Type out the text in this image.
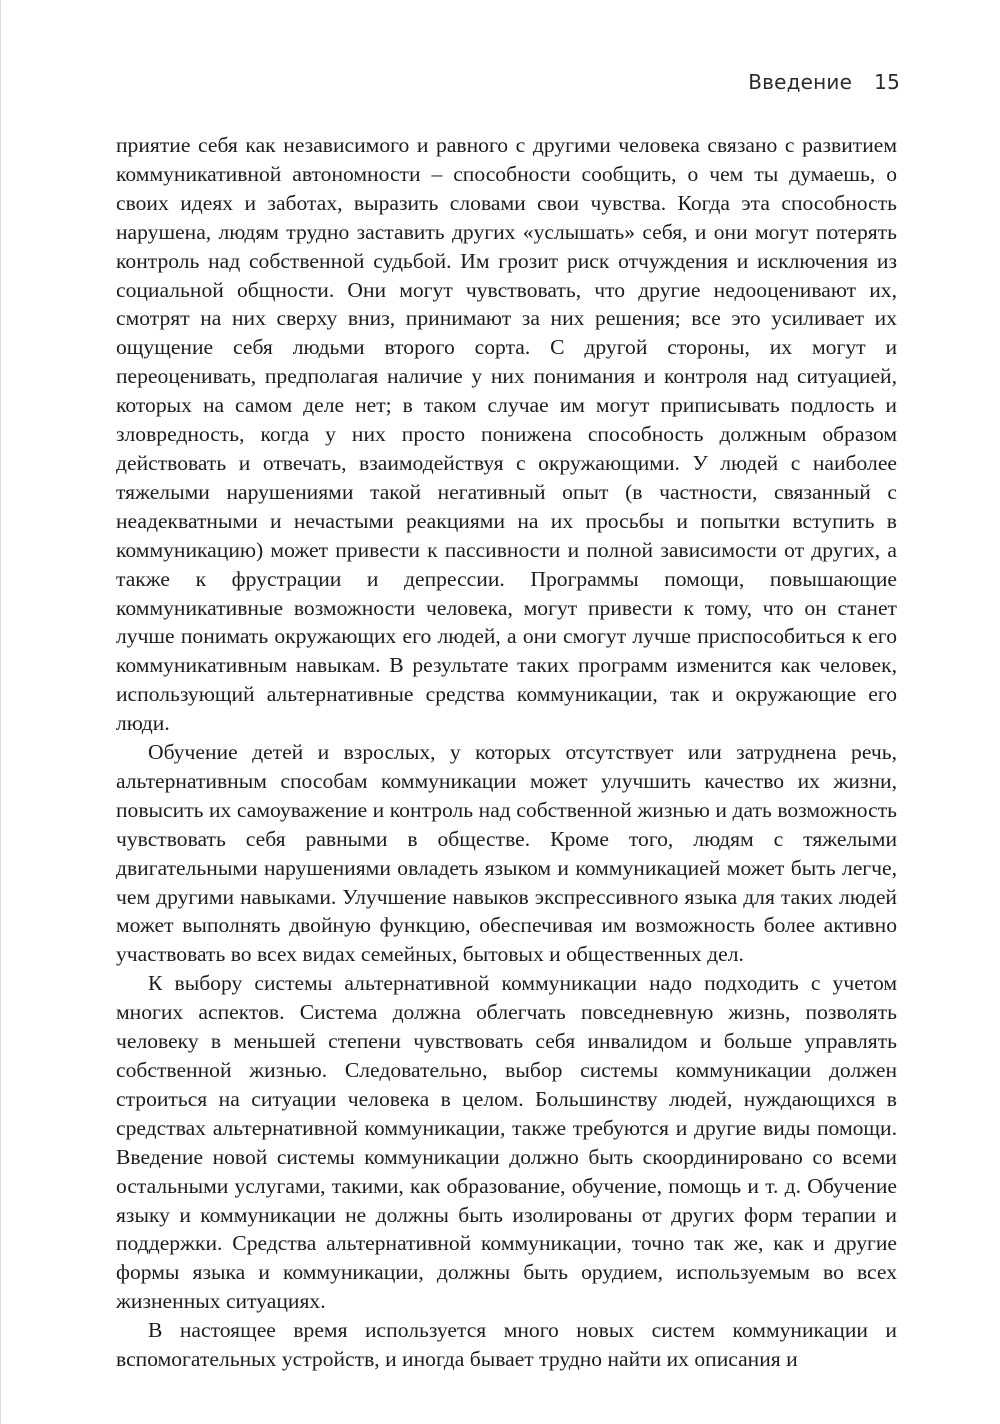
Введение 15

приятие себя как независимого и равного с другими человека связано с развитием коммуникативной автономности – способности сообщить, о чем ты думаешь, о своих идеях и заботах, выразить словами свои чувства. Когда эта способность нарушена, людям трудно заставить других «услышать» себя, и они могут потерять контроль над собственной судьбой. Им грозит риск отчуждения и исключения из социальной общности. Они могут чувствовать, что другие недооценивают их, смотрят на них сверху вниз, принимают за них решения; все это усиливает их ощущение себя людьми второго сорта. С другой стороны, их могут и переоценивать, предполагая наличие у них понимания и контроля над ситуацией, которых на самом деле нет; в таком случае им могут приписывать подлость и зловредность, когда у них просто понижена способность должным образом действовать и отвечать, взаимодействуя с окружающими. У людей с наиболее тяжелыми нарушениями такой негативный опыт (в частности, связанный с неадекватными и нечастыми реакциями на их просьбы и попытки вступить в коммуникацию) может привести к пассивности и полной зависимости от других, а также к фрустрации и депрессии. Программы помощи, повышающие коммуникативные возможности человека, могут привести к тому, что он станет лучше понимать окружающих его людей, а они смогут лучше приспособиться к его коммуникативным навыкам. В результате таких программ изменится как человек, использующий альтернативные средства коммуникации, так и окружающие его люди.

Обучение детей и взрослых, у которых отсутствует или затруднена речь, альтернативным способам коммуникации может улучшить качество их жизни, повысить их самоуважение и контроль над собственной жизнью и дать возможность чувствовать себя равными в обществе. Кроме того, людям с тяжелыми двигательными нарушениями овладеть языком и коммуникацией может быть легче, чем другими навыками. Улучшение навыков экспрессивного языка для таких людей может выполнять двойную функцию, обеспечивая им возможность более активно участвовать во всех видах семейных, бытовых и общественных дел.

К выбору системы альтернативной коммуникации надо подходить с учетом многих аспектов. Система должна облегчать повседневную жизнь, позволять человеку в меньшей степени чувствовать себя инвалидом и больше управлять собственной жизнью. Следовательно, выбор системы коммуникации должен строиться на ситуации человека в целом. Большинству людей, нуждающихся в средствах альтернативной коммуникации, также требуются и другие виды помощи. Введение новой системы коммуникации должно быть скоординировано со всеми остальными услугами, такими, как образование, обучение, помощь и т. д. Обучение языку и коммуникации не должны быть изолированы от других форм терапии и поддержки. Средства альтернативной коммуникации, точно так же, как и другие формы языка и коммуникации, должны быть орудием, используемым во всех жизненных ситуациях.

В настоящее время используется много новых систем коммуникации и вспомогательных устройств, и иногда бывает трудно найти их описания и
